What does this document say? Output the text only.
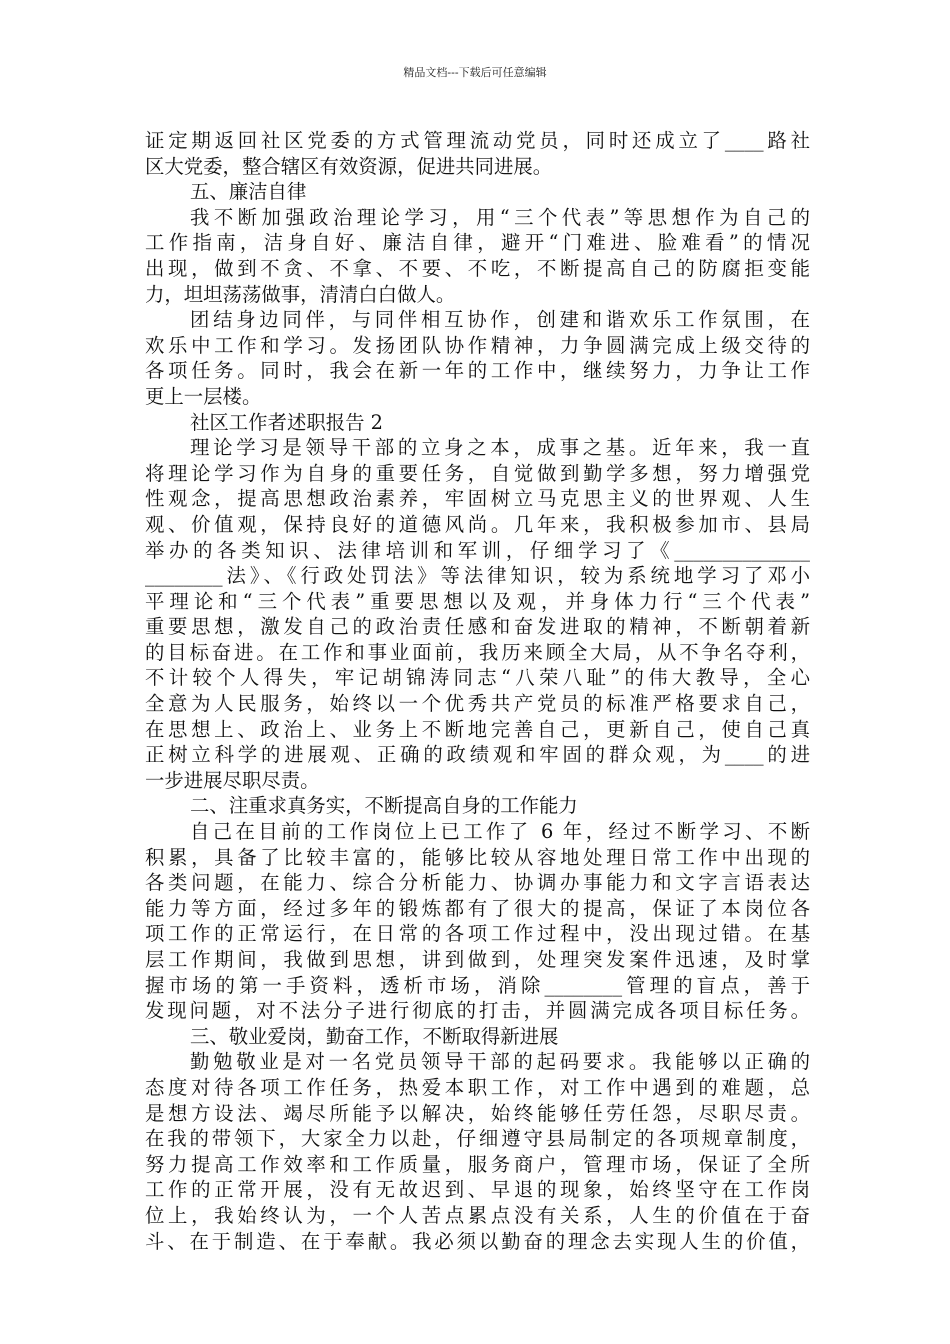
精品文档---下载后可任意编辑
证定期返回社区党委的方式管理流动党员，同时还成立了____路社
区大党委，整合辖区有效资源，促进共同进展。
五、廉洁自律
我不断加强政治理论学习，用“三个代表”等思想作为自己的
工作指南，洁身自好、廉洁自律，避开“门难进、脸难看”的情况
出现，做到不贪、不拿、不要、不吃，不断提高自己的防腐拒变能
力，坦坦荡荡做事，清清白白做人。
团结身边同伴，与同伴相互协作，创建和谐欢乐工作氛围，在
欢乐中工作和学习。发扬团队协作精神，力争圆满完成上级交待的
各项任务。同时，我会在新一年的工作中，继续努力，力争让工作
更上一层楼。
社区工作者述职报告 2
理论学习是领导干部的立身之本，成事之基。近年来，我一直
将理论学习作为自身的重要任务，自觉做到勤学多想，努力增强党
性观念，提高思想政治素养，牢固树立马克思主义的世界观、人生
观、价值观，保持良好的道德风尚。几年来，我积极参加市、县局
举办的各类知识、法律培训和军训，仔细学习了《______________
________法》、《行政处罚法》等法律知识，较为系统地学习了邓小
平理论和“三个代表”重要思想以及观，并身体力行“三个代表”
重要思想，激发自己的政治责任感和奋发进取的精神，不断朝着新
的目标奋进。在工作和事业面前，我历来顾全大局，从不争名夺利，
不计较个人得失，牢记胡锦涛同志“八荣八耻”的伟大教导，全心
全意为人民服务，始终以一个优秀共产党员的标准严格要求自己，
在思想上、政治上、业务上不断地完善自己，更新自己，使自己真
正树立科学的进展观、正确的政绩观和牢固的群众观，为____的进
一步进展尽职尽责。
二、注重求真务实，不断提高自身的工作能力
自己在目前的工作岗位上已工作了 6 年，经过不断学习、不断
积累，具备了比较丰富的，能够比较从容地处理日常工作中出现的
各类问题，在能力、综合分析能力、协调办事能力和文字言语表达
能力等方面，经过多年的锻炼都有了很大的提高，保证了本岗位各
项工作的正常运行，在日常的各项工作过程中，没出现过错。在基
层工作期间，我做到思想，讲到做到，处理突发案件迅速，及时掌
握市场的第一手资料，透析市场，消除________管理的盲点，善于
发现问题，对不法分子进行彻底的打击，并圆满完成各项目标任务。
三、敬业爱岗，勤奋工作，不断取得新进展
勤勉敬业是对一名党员领导干部的起码要求。我能够以正确的
态度对待各项工作任务，热爱本职工作，对工作中遇到的难题，总
是想方设法、竭尽所能予以解决，始终能够任劳任怨，尽职尽责。
在我的带领下，大家全力以赴，仔细遵守县局制定的各项规章制度，
努力提高工作效率和工作质量，服务商户，管理市场，保证了全所
工作的正常开展，没有无故迟到、早退的现象，始终坚守在工作岗
位上，我始终认为，一个人苦点累点没有关系，人生的价值在于奋
斗、在于制造、在于奉献。我必须以勤奋的理念去实现人生的价值，
